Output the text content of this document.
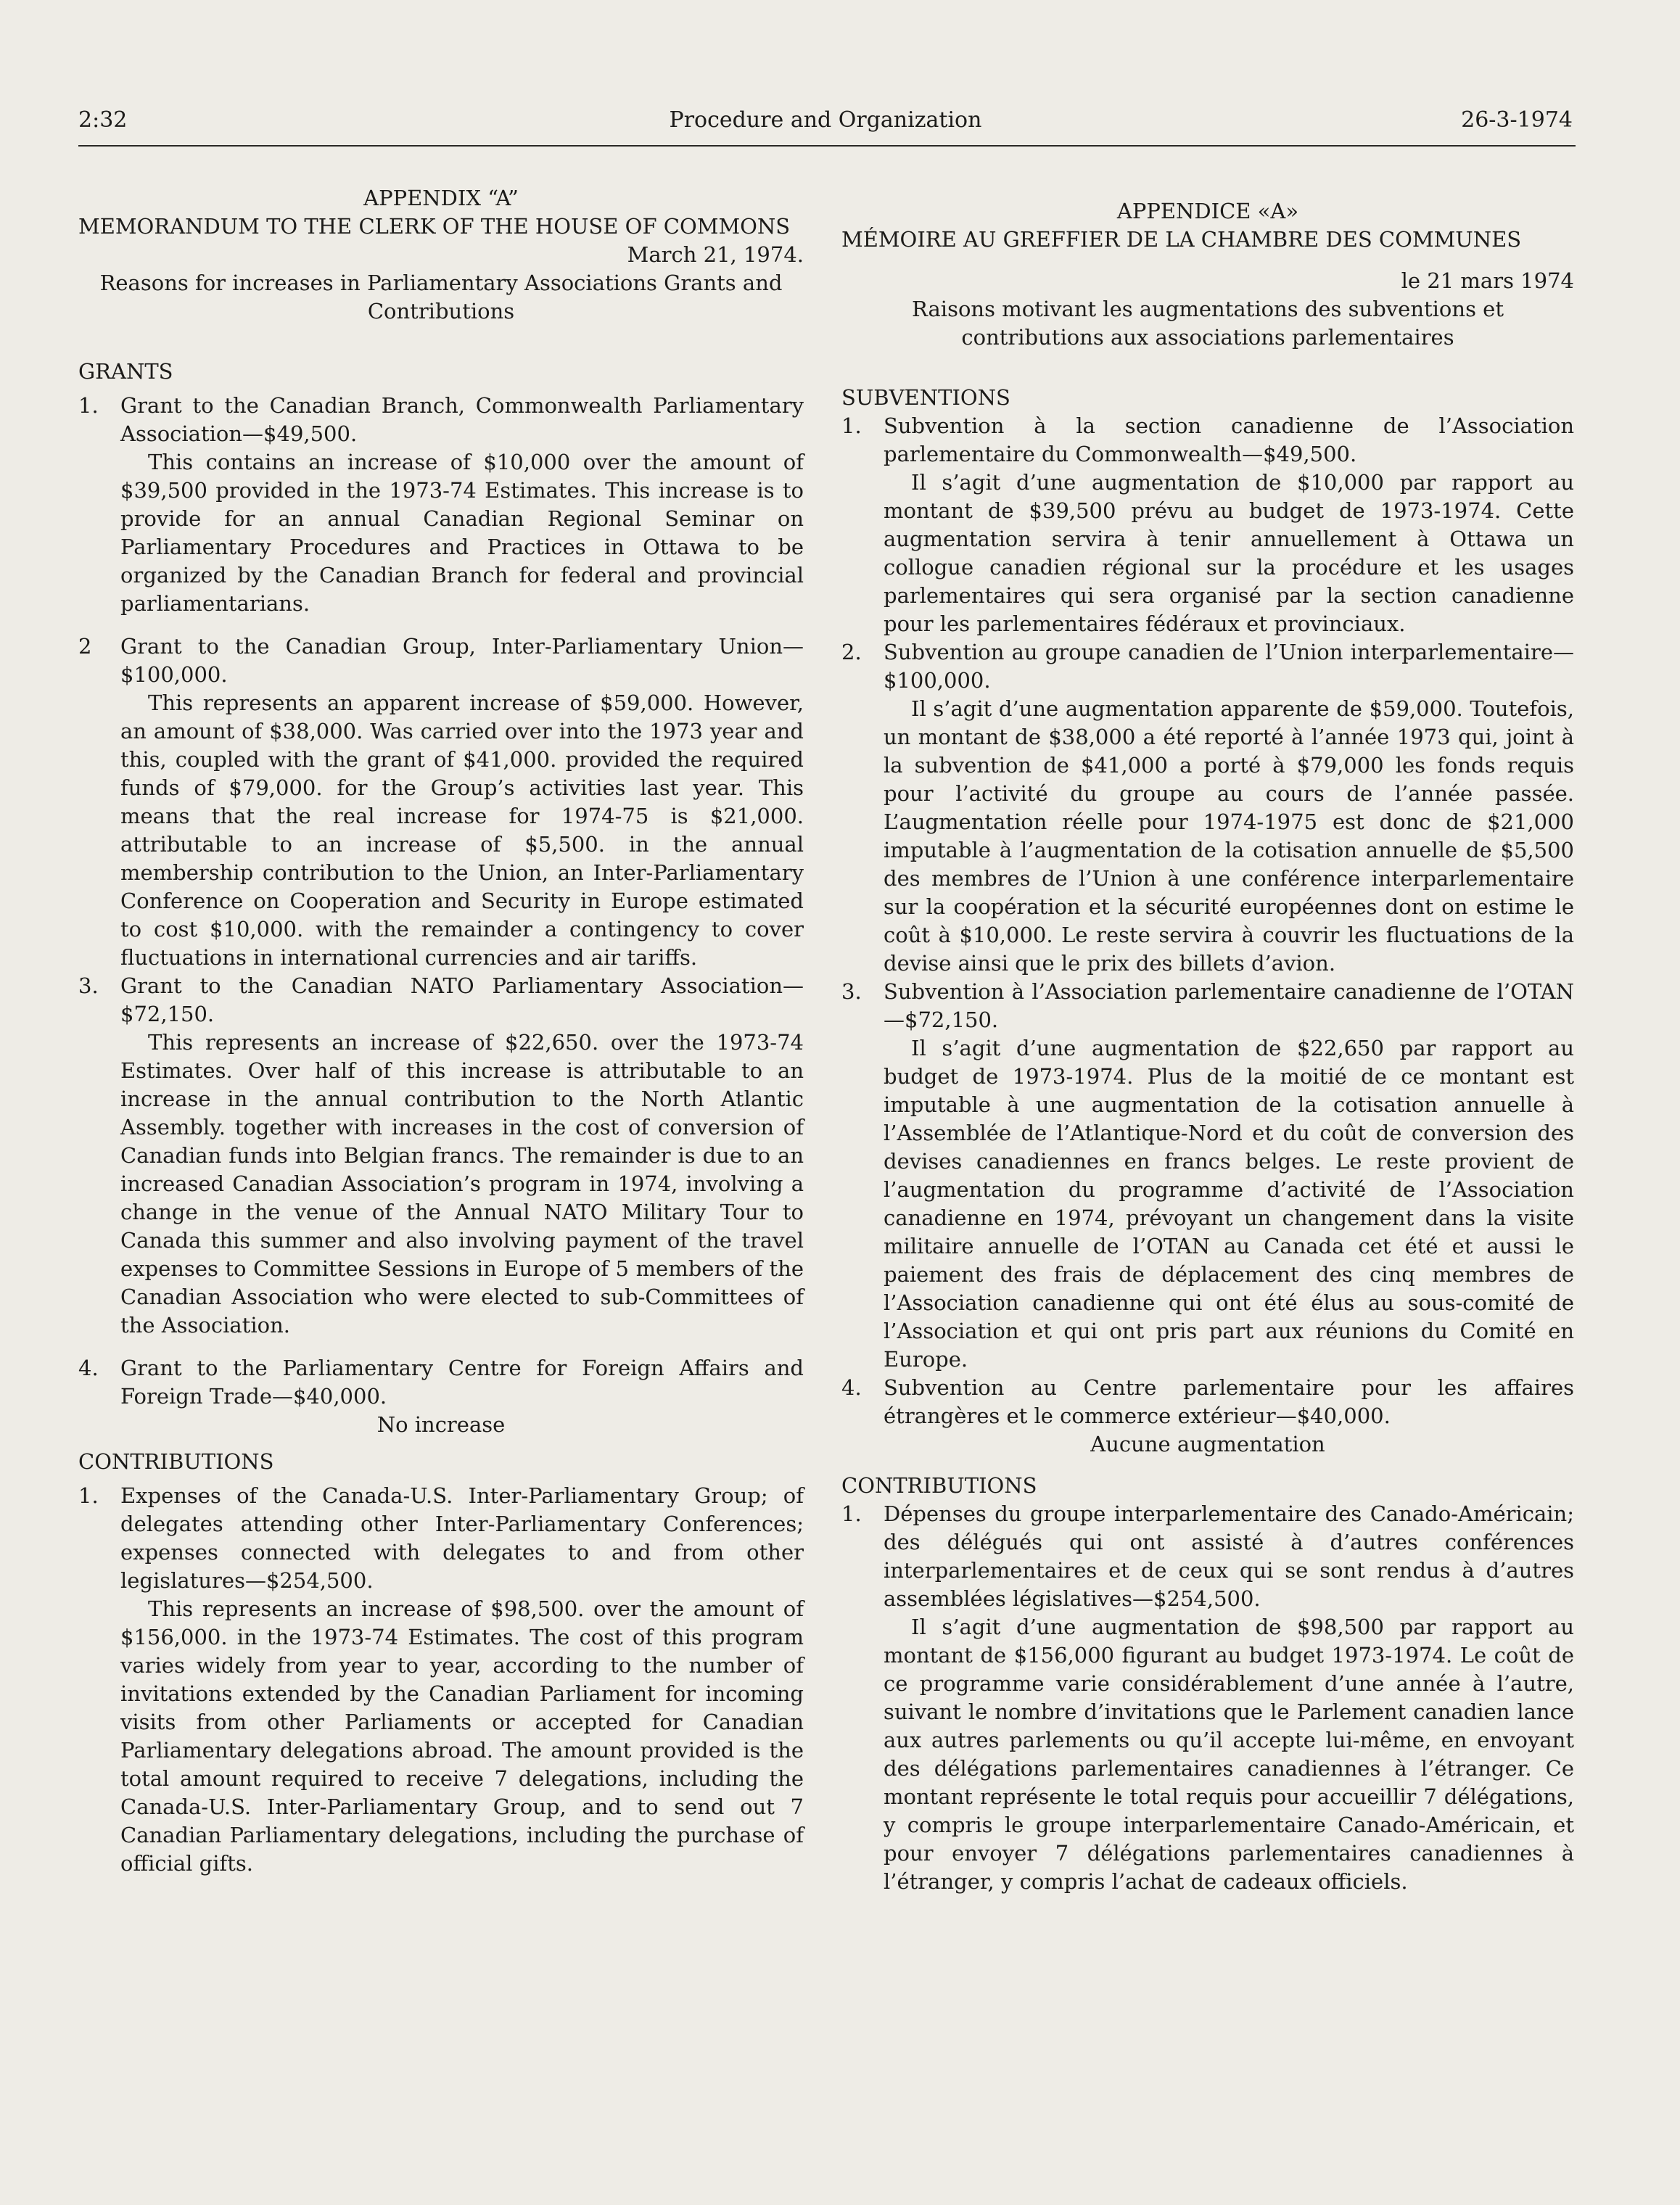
2:32	Procedure and Organization	26-3-1974

APPENDIX “A”

MEMORANDUM TO THE CLERK OF THE HOUSE OF COMMONS

March 21, 1974.

Reasons for increases in Parliamentary Associations Grants and Contributions

GRANTS

1. Grant to the Canadian Branch, Commonwealth Parliamentary Association—$49,500.

This contains an increase of $10,000 over the amount of $39,500 provided in the 1973-74 Estimates. This increase is to provide for an annual Canadian Regional Seminar on Parliamentary Procedures and Practices in Ottawa to be organized by the Canadian Branch for federal and provincial parliamentarians.

2 Grant to the Canadian Group, Inter-Parliamentary Union—$100,000.

This represents an apparent increase of $59,000. However, an amount of $38,000. Was carried over into the 1973 year and this, coupled with the grant of $41,000. provided the required funds of $79,000. for the Group’s activities last year. This means that the real increase for 1974-75 is $21,000. attributable to an increase of $5,500. in the annual membership contribution to the Union, an Inter-Parliamentary Conference on Cooperation and Security in Europe estimated to cost $10,000. with the remainder a contingency to cover fluctuations in international currencies and air tariffs.

3. Grant to the Canadian NATO Parliamentary Association—$72,150.

This represents an increase of $22,650. over the 1973-74 Estimates. Over half of this increase is attributable to an increase in the annual contribution to the North Atlantic Assembly. together with increases in the cost of conversion of Canadian funds into Belgian francs. The remainder is due to an increased Canadian Association’s program in 1974, involving a change in the venue of the Annual NATO Military Tour to Canada this summer and also involving payment of the travel expenses to Committee Sessions in Europe of 5 members of the Canadian Association who were elected to sub-Committees of the Association.

4. Grant to the Parliamentary Centre for Foreign Affairs and Foreign Trade—$40,000.

No increase

CONTRIBUTIONS

1. Expenses of the Canada-U.S. Inter-Parliamentary Group; of delegates attending other Inter-Parliamentary Conferences; expenses connected with delegates to and from other legislatures—$254,500.

This represents an increase of $98,500. over the amount of $156,000. in the 1973-74 Estimates. The cost of this program varies widely from year to year, according to the number of invitations extended by the Canadian Parliament for incoming visits from other Parliaments or accepted for Canadian Parliamentary delegations abroad. The amount provided is the total amount required to receive 7 delegations, including the Canada-U.S. Inter-Parliamentary Group, and to send out 7 Canadian Parliamentary delegations, including the purchase of official gifts.

APPENDICE «A»

MÉMOIRE AU GREFFIER DE LA CHAMBRE DES COMMUNES

le 21 mars 1974

Raisons motivant les augmentations des subventions et contributions aux associations parlementaires

SUBVENTIONS

1. Subvention à la section canadienne de l’Association parlementaire du Commonwealth—$49,500.

Il s’agit d’une augmentation de $10,000 par rapport au montant de $39,500 prévu au budget de 1973-1974. Cette augmentation servira à tenir annuellement à Ottawa un collogue canadien régional sur la procédure et les usages parlementaires qui sera organisé par la section canadienne pour les parlementaires fédéraux et provinciaux.

2. Subvention au groupe canadien de l’Union interparlementaire—$100,000.

Il s’agit d’une augmentation apparente de $59,000. Toutefois, un montant de $38,000 a été reporté à l’année 1973 qui, joint à la subvention de $41,000 a porté à $79,000 les fonds requis pour l’activité du groupe au cours de l’année passée. L’augmentation réelle pour 1974-1975 est donc de $21,000 imputable à l’augmentation de la cotisation annuelle de $5,500 des membres de l’Union à une conférence interparlementaire sur la coopération et la sécurité européennes dont on estime le coût à $10,000. Le reste servira à couvrir les fluctuations de la devise ainsi que le prix des billets d’avion.

3. Subvention à l’Association parlementaire canadienne de l’OTAN—$72,150.

Il s’agit d’une augmentation de $22,650 par rapport au budget de 1973-1974. Plus de la moitié de ce montant est imputable à une augmentation de la cotisation annuelle à l’Assemblée de l’Atlantique-Nord et du coût de conversion des devises canadiennes en francs belges. Le reste provient de l’augmentation du programme d’activité de l’Association canadienne en 1974, prévoyant un changement dans la visite militaire annuelle de l’OTAN au Canada cet été et aussi le paiement des frais de déplacement des cinq membres de l’Association canadienne qui ont été élus au sous-comité de l’Association et qui ont pris part aux réunions du Comité en Europe.

4. Subvention au Centre parlementaire pour les affaires étrangères et le commerce extérieur—$40,000.

Aucune augmentation

CONTRIBUTIONS

1. Dépenses du groupe interparlementaire des Canado-Américain; des délégués qui ont assisté à d’autres conférences interparlementaires et de ceux qui se sont rendus à d’autres assemblées législatives—$254,500.

Il s’agit d’une augmentation de $98,500 par rapport au montant de $156,000 figurant au budget 1973-1974. Le coût de ce programme varie considérablement d’une année à l’autre, suivant le nombre d’invitations que le Parlement canadien lance aux autres parlements ou qu’il accepte lui-même, en envoyant des délégations parlementaires canadiennes à l’étranger. Ce montant représente le total requis pour accueillir 7 délégations, y compris le groupe interparlementaire Canado-Américain, et pour envoyer 7 délégations parlementaires canadiennes à l’étranger, y compris l’achat de cadeaux officiels.
